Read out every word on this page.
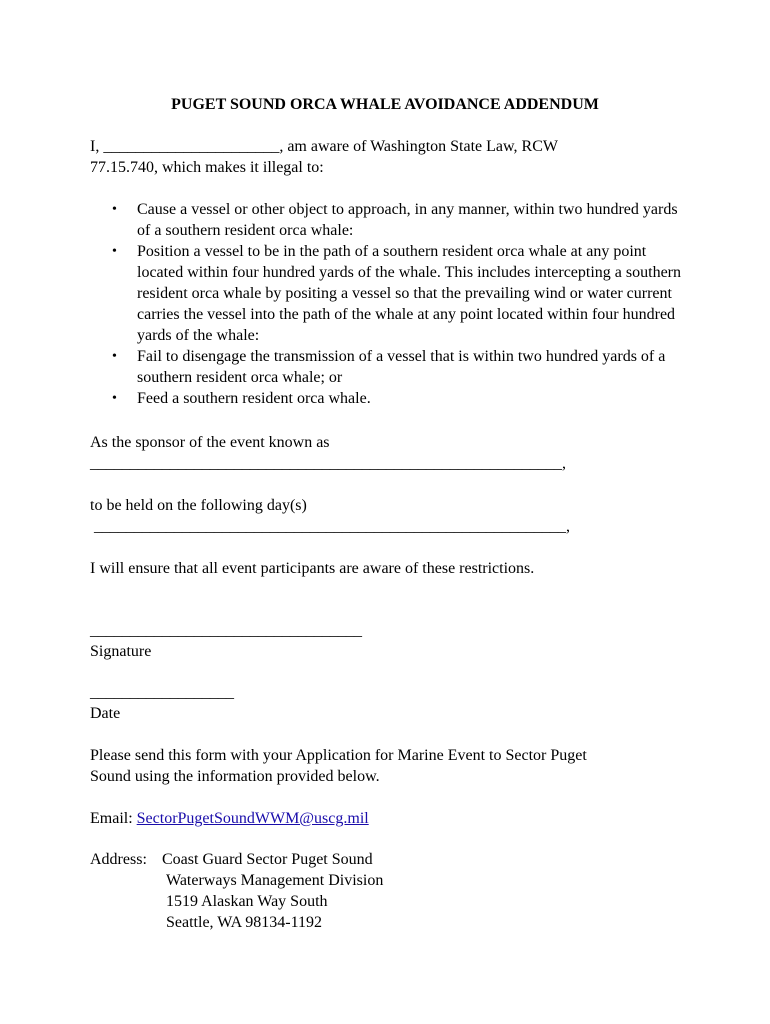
PUGET SOUND ORCA WHALE AVOIDANCE ADDENDUM
I, ______________________, am aware of Washington State Law, RCW
77.15.740, which makes it illegal to:
• Cause a vessel or other object to approach, in any manner, within two hundred yards of a southern resident orca whale:
• Position a vessel to be in the path of a southern resident orca whale at any point located within four hundred yards of the whale. This includes intercepting a southern resident orca whale by positing a vessel so that the prevailing wind or water current carries the vessel into the path of the whale at any point located within four hundred yards of the whale:
• Fail to disengage the transmission of a vessel that is within two hundred yards of a southern resident orca whale; or
• Feed a southern resident orca whale.
As the sponsor of the event known as
___________________________________________________________,
to be held on the following day(s)
___________________________________________________________,
I will ensure that all event participants are aware of these restrictions.
__________________________________
Signature
__________________
Date
Please send this form with your Application for Marine Event to Sector Puget
Sound using the information provided below.
Email: SectorPugetSoundWWM@uscg.mil
Address: Coast Guard Sector Puget Sound
Waterways Management Division
1519 Alaskan Way South
Seattle, WA 98134-1192
